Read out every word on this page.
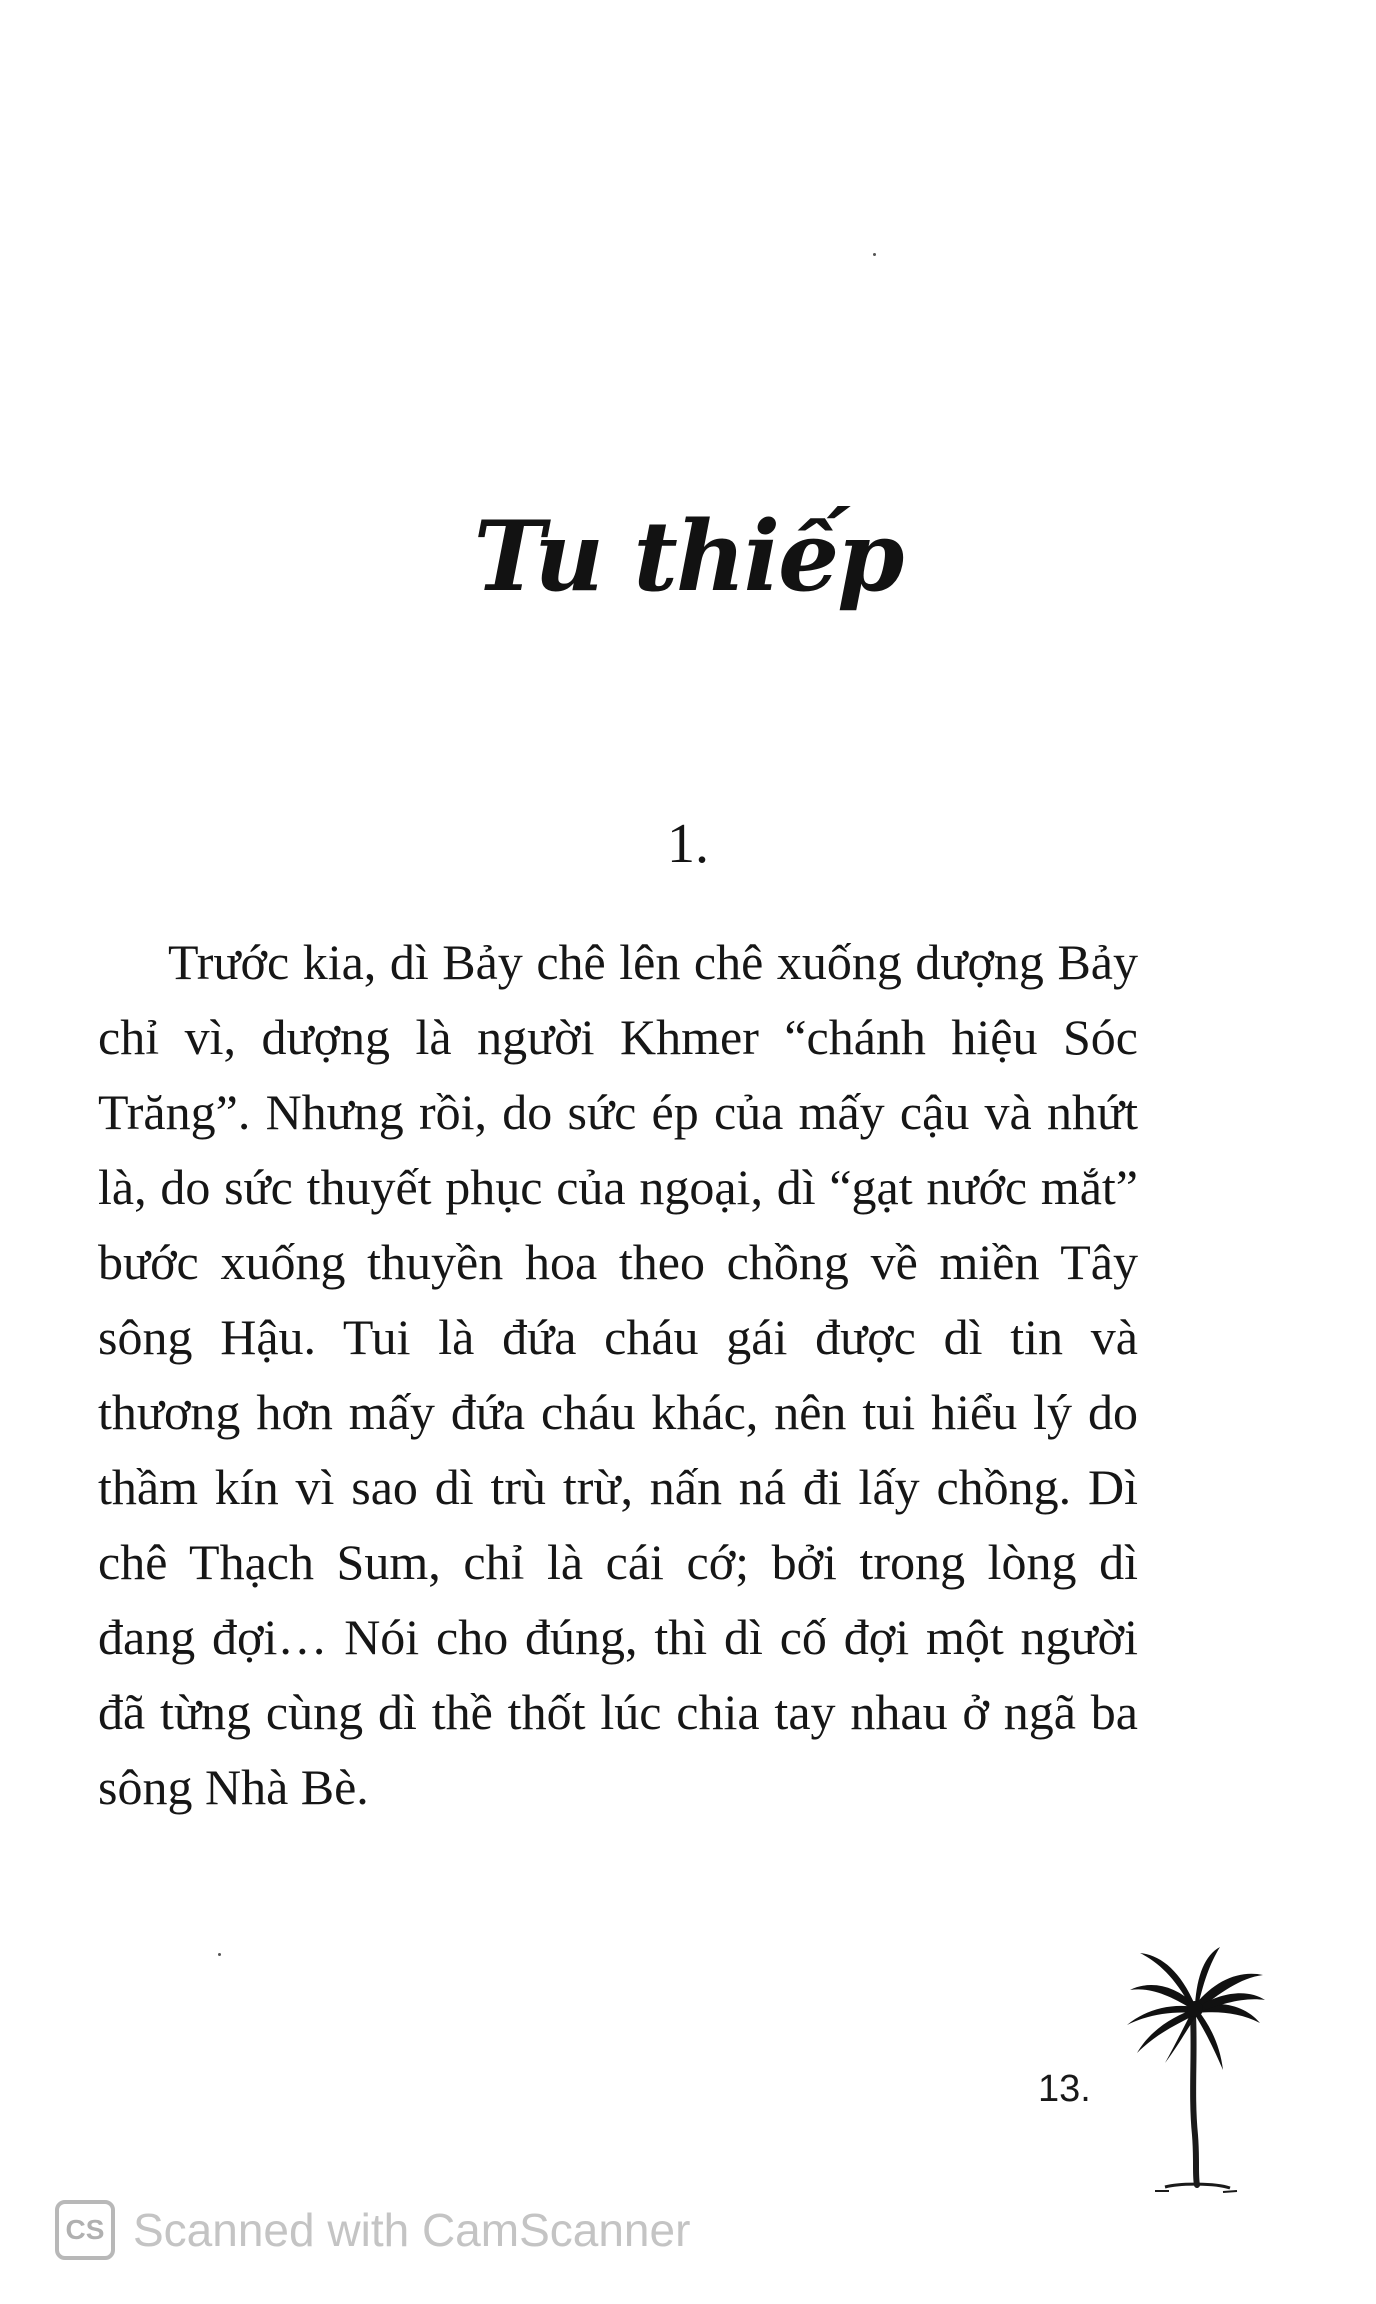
Tu thiếp
1.

Trước kia, dì Bảy chê lên chê xuống dượng Bảy chỉ vì, dượng là người Khmer “chánh hiệu Sóc Trăng”. Nhưng rồi, do sức ép của mấy cậu và nhứt là, do sức thuyết phục của ngoại, dì “gạt nước mắt” bước xuống thuyền hoa theo chồng về miền Tây sông Hậu. Tui là đứa cháu gái được dì tin và thương hơn mấy đứa cháu khác, nên tui hiểu lý do thầm kín vì sao dì trù trừ, nấn ná đi lấy chồng. Dì chê Thạch Sum, chỉ là cái cớ; bởi trong lòng dì đang đợi… Nói cho đúng, thì dì cố đợi một người đã từng cùng dì thề thốt lúc chia tay nhau ở ngã ba sông Nhà Bè.

13.
CS Scanned with CamScanner
